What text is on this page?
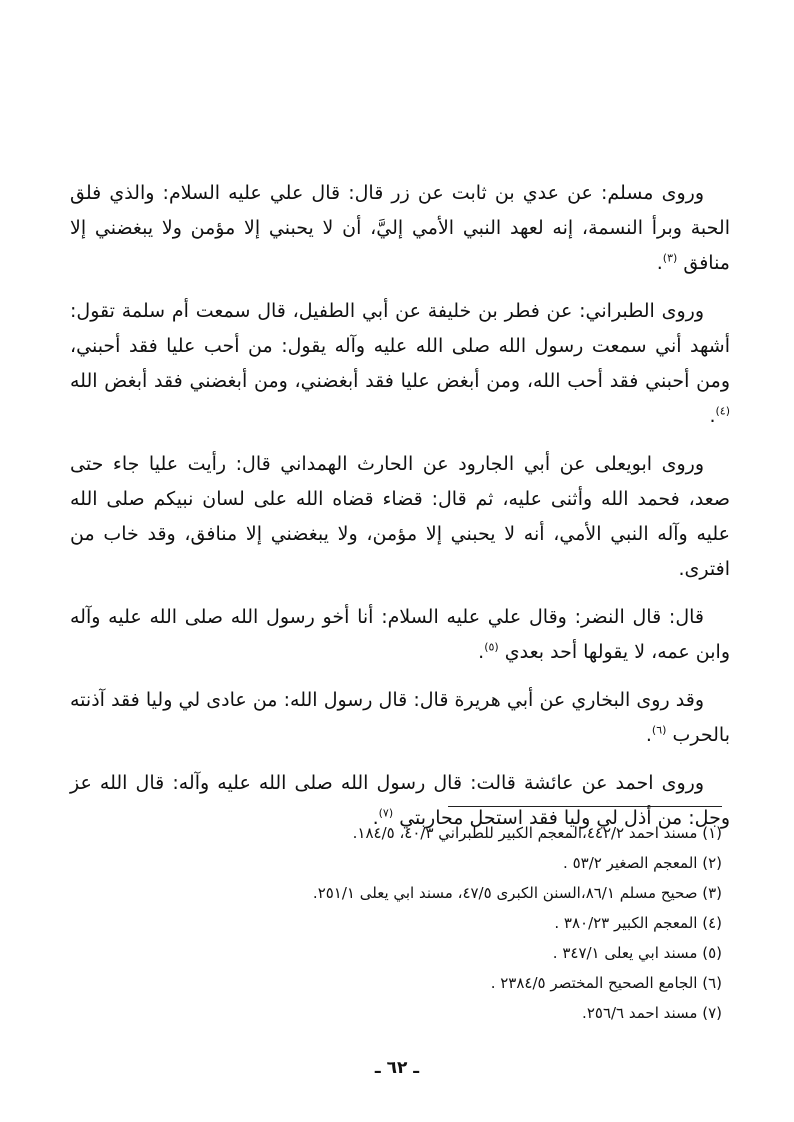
وروى مسلم: عن عدي بن ثابت عن زر قال: قال علي عليه السلام: والذي فلق الحبة وبرأ النسمة، إنه لعهد النبي الأمي إليَّ، أن لا يحبني إلا مؤمن ولا يبغضني إلا منافق $^{(٣)}$.

وروى الطبراني: عن فطر بن خليفة عن أبي الطفيل، قال سمعت أم سلمة تقول: أشهد أني سمعت رسول الله صلى الله عليه وآله يقول: من أحب عليا فقد أحبني، ومن أحبني فقد أحب الله، ومن أبغض عليا فقد أبغضني، ومن أبغضني فقد أبغض الله $^{(٤)}$.

وروى ابويعلى عن أبي الجارود عن الحارث الهمداني قال: رأيت عليا جاء حتى صعد، فحمد الله وأثنى عليه، ثم قال: قضاء قضاه الله على لسان نبيكم صلى الله عليه وآله النبي الأمي، أنه لا يحبني إلا مؤمن، ولا يبغضني إلا منافق، وقد خاب من افترى.

قال: قال النضر: وقال علي عليه السلام: أنا أخو رسول الله صلى الله عليه وآله وابن عمه، لا يقولها أحد بعدي $^{(٥)}$.

وقد روى البخاري عن أبي هريرة قال: قال رسول الله: من عادى لي وليا فقد آذنته بالحرب $^{(٦)}$.

وروى احمد عن عائشة قالت: قال رسول الله صلى الله عليه وآله: قال الله عز وجل: من أذل لي وليا فقد استحل محاربتي $^{(٧)}$.

(١) مسند احمد ٤٤٢/٢،المعجم الكبير للطبراني ٤٠/٣، ١٨٤/٥.

(٢) المعجم الصغير ٥٣/٢ .

(٣) صحيح مسلم ٨٦/١،السنن الكبرى ٤٧/٥، مسند ابي يعلى ٢٥١/١.

(٤) المعجم الكبير ٣٨٠/٢٣ .

(٥) مسند ابي يعلى ٣٤٧/١ .

(٦) الجامع الصحيح المختصر ٢٣٨٤/٥ .

(٧) مسند احمد ٢٥٦/٦.

ـ ٦٢ ـ
